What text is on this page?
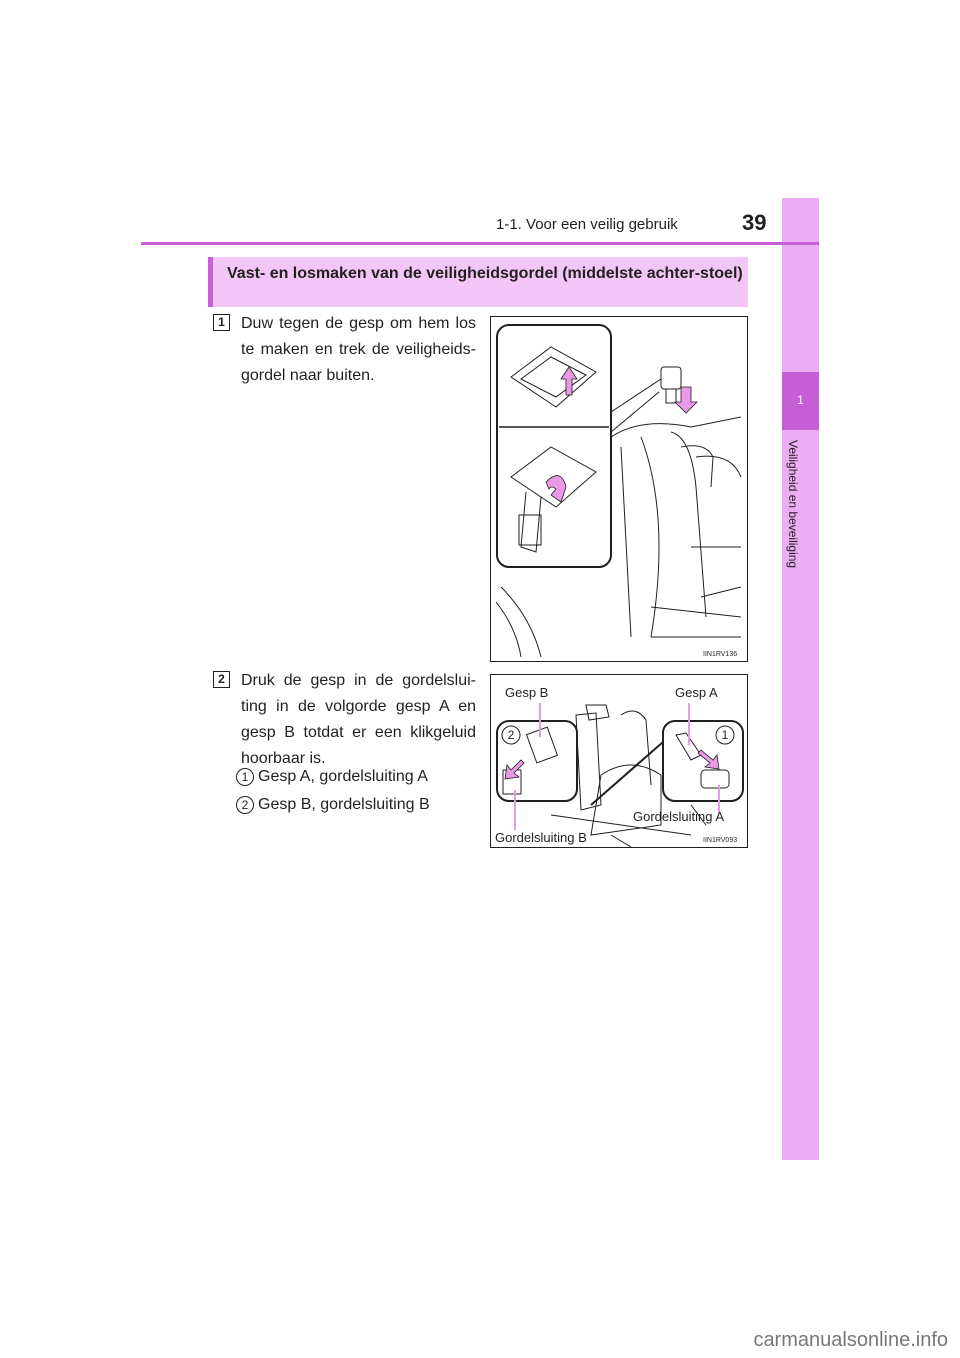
1
Veiligheid en beveiliging
1-1. Voor een veilig gebruik	39
Vast- en losmaken van de veiligheidsgordel (middelste achter-stoel)
1	Duw tegen de gesp om hem los te maken en trek de veiligheids-gordel naar buiten.
IIN1RV136
2	Druk de gesp in de gordelslui-ting in de volgorde gesp A en gesp B totdat er een klikgeluid hoorbaar is.
1 Gesp A, gordelsluiting A
2 Gesp B, gordelsluiting B
2	1
Gesp B	Gesp A
Gordelsluiting A
Gordelsluiting B	IIN1RV093
carmanualsonline.info
